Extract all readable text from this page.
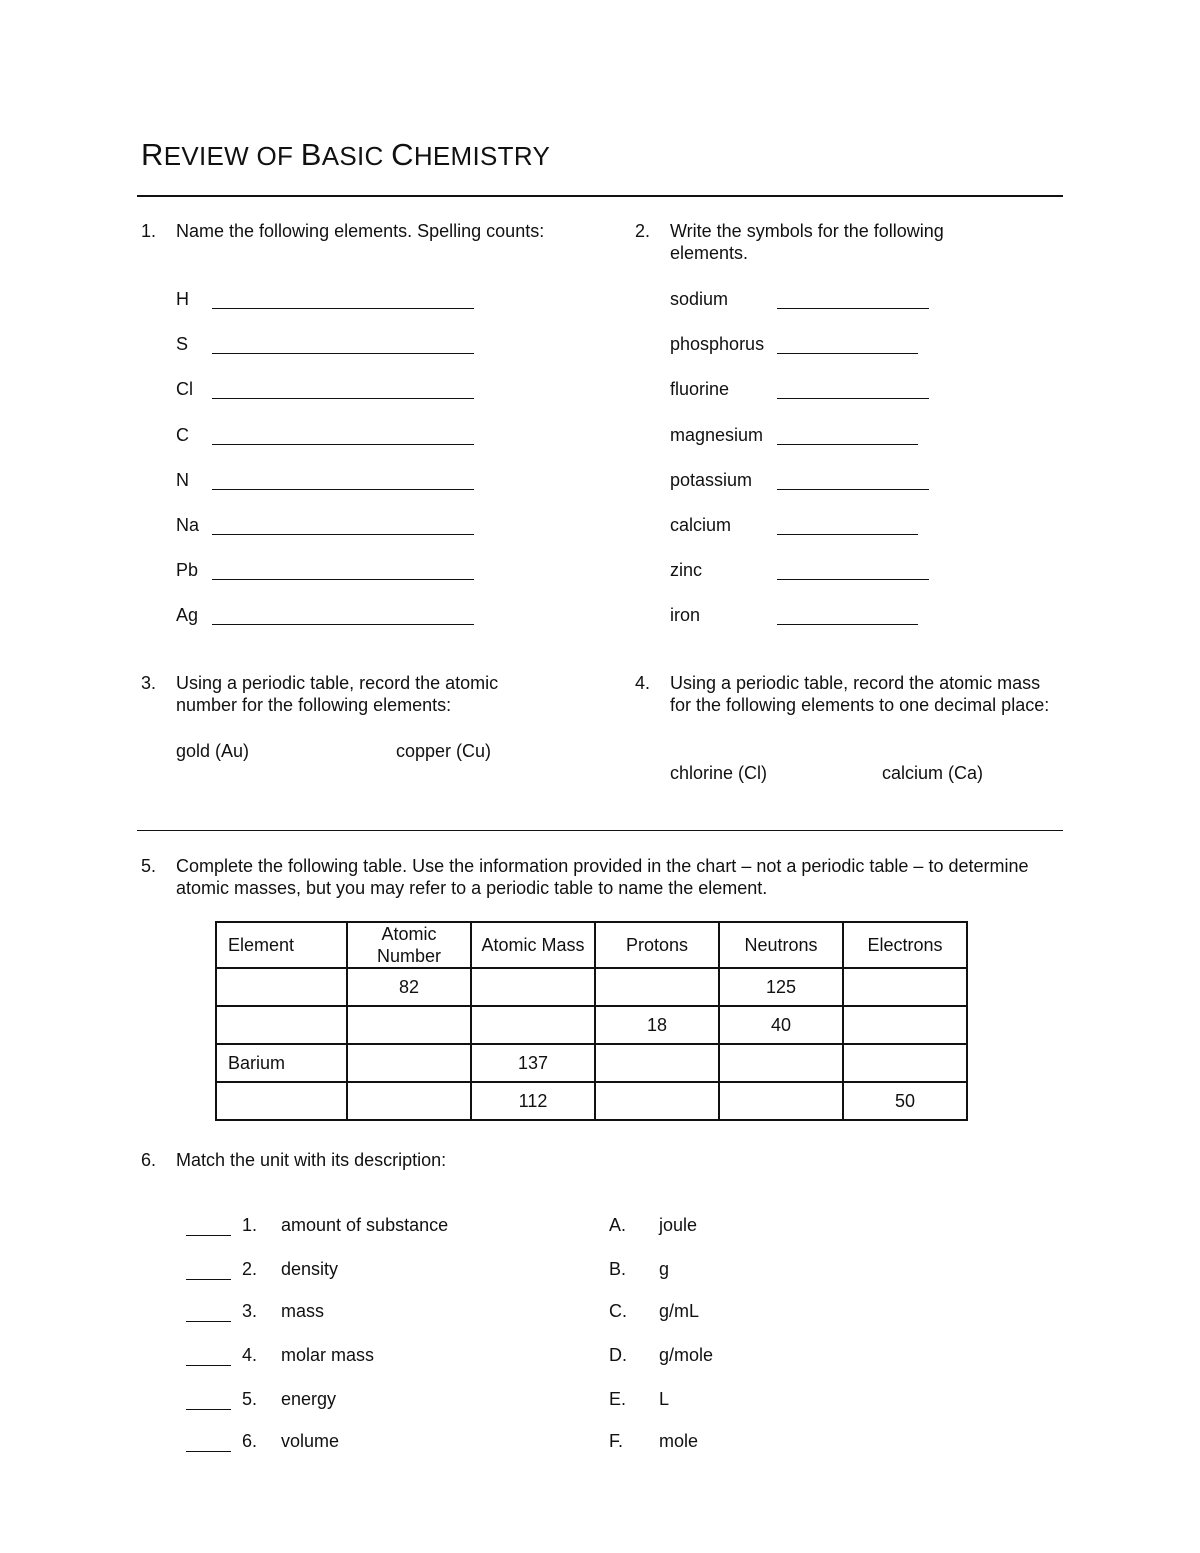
REVIEW OF BASIC CHEMISTRY
1.	Name the following elements. Spelling counts:
H
S
Cl
C
N
Na
Pb
Ag
2.	Write the symbols for the following elements.
sodium
phosphorus
fluorine
magnesium
potassium
calcium
zinc
iron
3.	Using a periodic table, record the atomic number for the following elements:
gold (Au)	copper (Cu)
4.	Using a periodic table, record the atomic mass for the following elements to one decimal place:
chlorine (Cl)	calcium (Ca)
5.	Complete the following table. Use the information provided in the chart – not a periodic table – to determine atomic masses, but you may refer to a periodic table to name the element.
Element	Atomic Number	Atomic Mass	Protons	Neutrons	Electrons
	82			125	
			18	40	
Barium		137			
		112			50
6.	Match the unit with its description:
1. amount of substance
2. density
3. mass
4. molar mass
5. energy
6. volume
A. joule
B. g
C. g/mL
D. g/mole
E. L
F. mole
